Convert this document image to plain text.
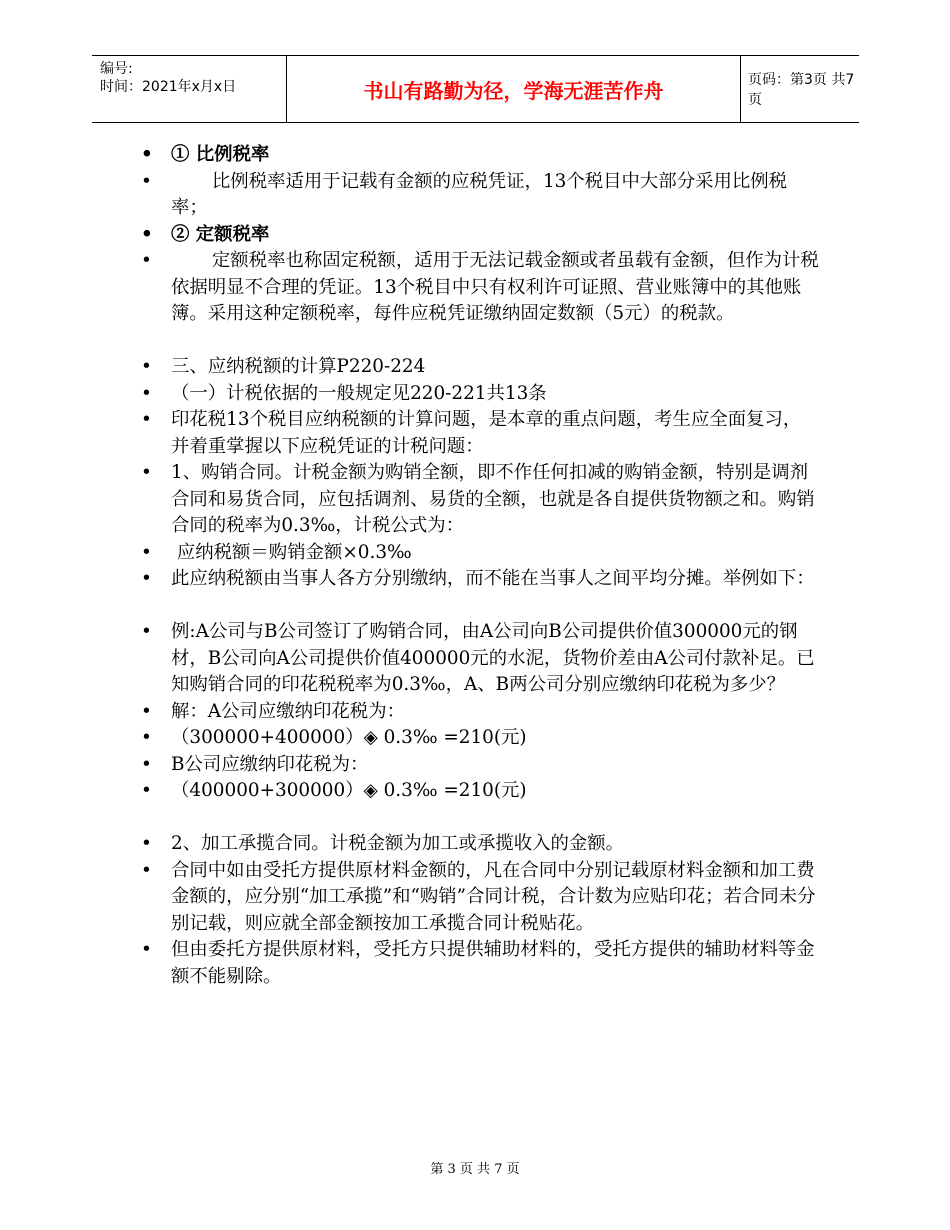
编号:
时间：2021年x月x日	书山有路勤为径，学海无涯苦作舟	页码：第3页 共7页
• ① 比例税率
•       比例税率适用于记载有金额的应税凭证，13个税目中大部分采用比例税率；
• ② 定额税率
•       定额税率也称固定税额，适用于无法记载金额或者虽载有金额，但作为计税依据明显不合理的凭证。13个税目中只有权利许可证照、营业账簿中的其他账簿。采用这种定额税率，每件应税凭证缴纳固定数额（5元）的税款。
• 三、应纳税额的计算P220-224
• （一）计税依据的一般规定见220-221共13条
• 印花税13个税目应纳税额的计算问题，是本章的重点问题，考生应全面复习，并着重掌握以下应税凭证的计税问题：
• 1、购销合同。计税金额为购销全额，即不作任何扣减的购销金额，特别是调剂合同和易货合同，应包括调剂、易货的全额，也就是各自提供货物额之和。购销合同的税率为0.3‰，计税公式为：
• 应纳税额＝购销金额×0.3‰
• 此应纳税额由当事人各方分别缴纳，而不能在当事人之间平均分摊。举例如下：
• 例:A公司与B公司签订了购销合同，由A公司向B公司提供价值300000元的钢材，B公司向A公司提供价值400000元的水泥，货物价差由A公司付款补足。已知购销合同的印花税税率为0.3‰，A、B两公司分别应缴纳印花税为多少？
• 解：A公司应缴纳印花税为：
• （300000+400000）◈ 0.3‰ =210(元)
• B公司应缴纳印花税为：
• （400000+300000）◈ 0.3‰ =210(元)
• 2、加工承揽合同。计税金额为加工或承揽收入的金额。
• 合同中如由受托方提供原材料金额的，凡在合同中分别记载原材料金额和加工费金额的，应分别“加工承揽”和“购销”合同计税，合计数为应贴印花；若合同未分别记载，则应就全部金额按加工承揽合同计税贴花。
• 但由委托方提供原材料，受托方只提供辅助材料的，受托方提供的辅助材料等金额不能剔除。
第 3 页 共 7 页
